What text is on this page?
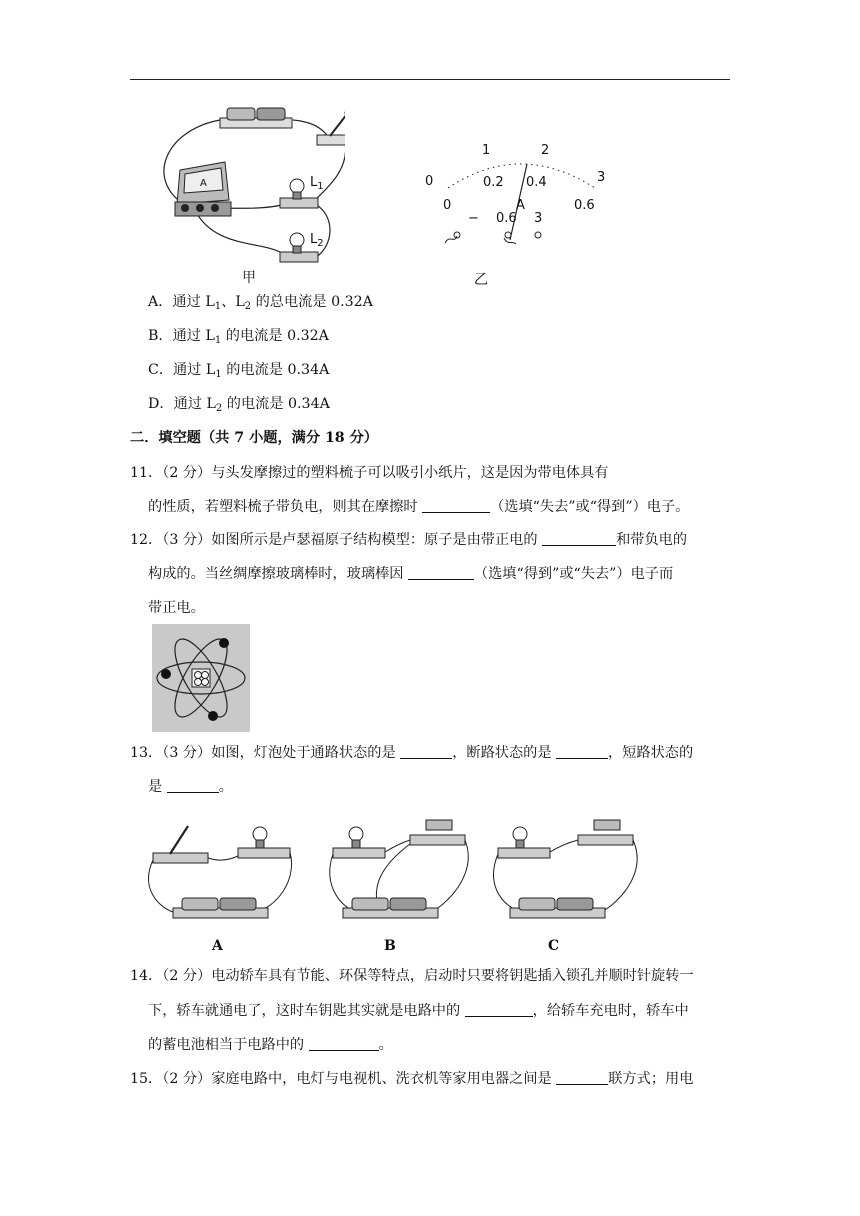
$L_1$
$L_2$
A
甲
0
1	2
3
0
0.2 0.4
0.6
A
− 0.6 3
乙
A．通过 $L_1$、$L_2$ 的总电流是 0.32A
B．通过 $L_1$ 的电流是 0.32A
C．通过 $L_1$ 的电流是 0.34A
D．通过 $L_2$ 的电流是 0.34A
二．填空题（共 7 小题，满分 18 分）
11．（2 分）与头发摩擦过的塑料梳子可以吸引小纸片，这是因为带电体具有
的性质，若塑料梳子带负电，则其在摩擦时	（选填“失去”或“得到”）电子。
12．（3 分）如图所示是卢瑟福原子结构模型：原子是由带正电的	和带负电的
构成的。当丝绸摩擦玻璃棒时，玻璃棒因	（选填“得到”或“失去”）电子而
带正电。
13．（3 分）如图，灯泡处于通路状态的是	，断路状态的是	，短路状态的
是	。
A	B	C
14．（2 分）电动轿车具有节能、环保等特点，启动时只要将钥匙插入锁孔并顺时针旋转一
下，轿车就通电了，这时车钥匙其实就是电路中的	，给轿车充电时，轿车中
的蓄电池相当于电路中的	。
15．（2 分）家庭电路中，电灯与电视机、洗衣机等家用电器之间是	联方式；用电
